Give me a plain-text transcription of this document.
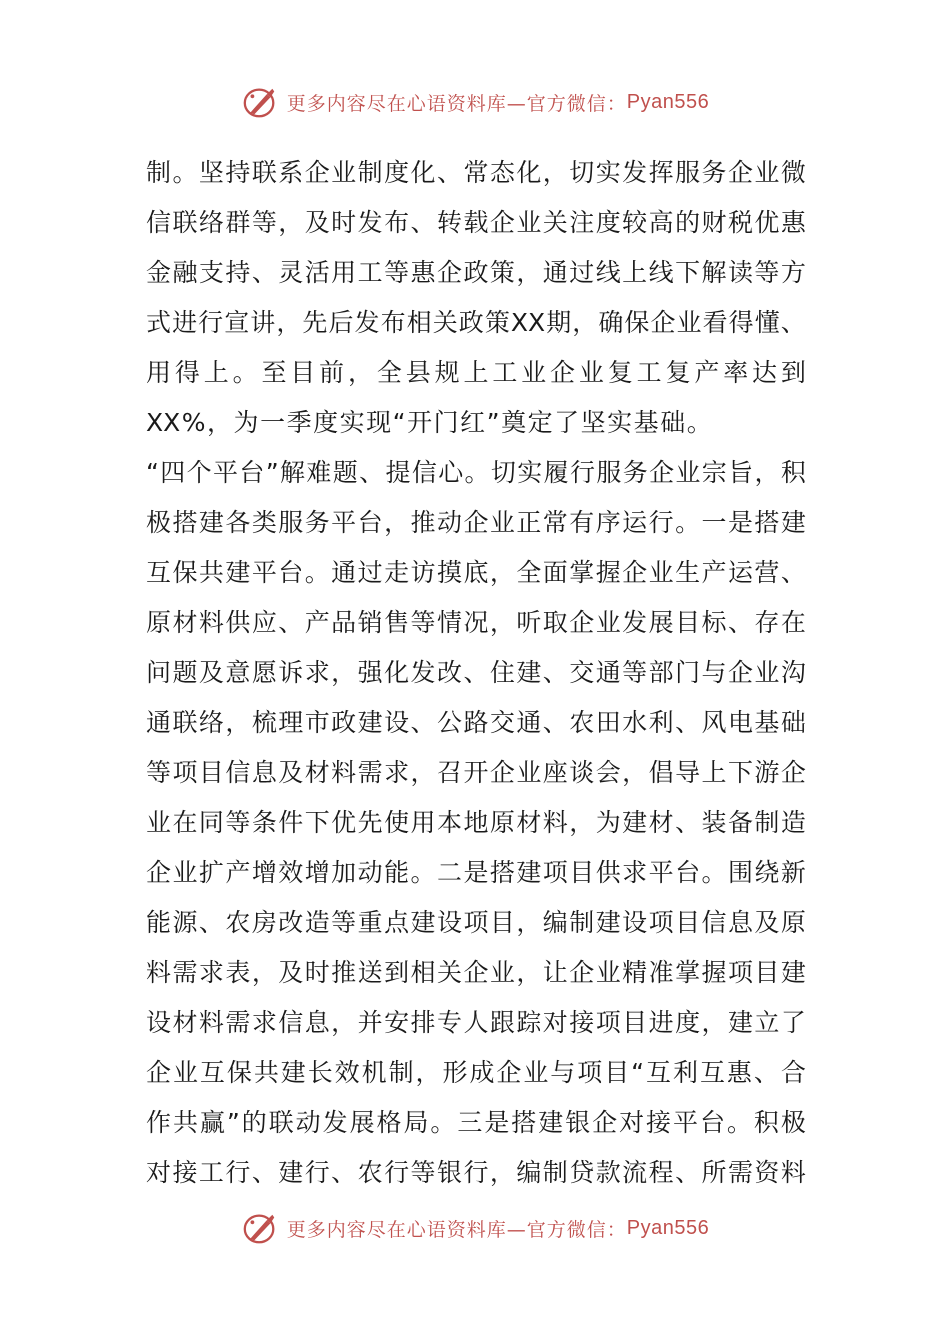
更多内容尽在心语资料库—官方微信： Pyan556
制 。 坚 持 联 系 企 业 制 度 化 、 常 态 化 ， 切 实 发 挥 服 务 企 业 微
信 联 络 群 等 ， 及 时 发 布 、 转 载 企 业 关 注 度 较 高 的 财 税 优 惠
金 融 支 持 、 灵 活 用 工 等 惠 企 政 策 ， 通 过 线 上 线 下 解 读 等 方
式 进 行 宣 讲 ， 先 后 发 布 相 关 政 策 XX 期 ， 确 保 企 业 看 得 懂 、
用 得 上 。 至 目 前 ， 全 县 规 上 工 业 企 业 复 工 复 产 率 达 到
XX % ， 为 一 季 度 实 现 “ 开 门 红 ” 奠 定 了 坚 实 基 础 。
“ 四 个 平 台 ” 解 难 题 、 提 信 心 。 切 实 履 行 服 务 企 业 宗 旨 ， 积
极 搭 建 各 类 服 务 平 台 ， 推 动 企 业 正 常 有 序 运 行 。 一 是 搭 建
互 保 共 建 平 台 。 通 过 走 访 摸 底 ， 全 面 掌 握 企 业 生 产 运 营 、
原 材 料 供 应 、 产 品 销 售 等 情 况 ， 听 取 企 业 发 展 目 标 、 存 在
问 题 及 意 愿 诉 求 ， 强 化 发 改 、 住 建 、 交 通 等 部 门 与 企 业 沟
通 联 络 ， 梳 理 市 政 建 设 、 公 路 交 通 、 农 田 水 利 、 风 电 基 础
等 项 目 信 息 及 材 料 需 求 ， 召 开 企 业 座 谈 会 ， 倡 导 上 下 游 企
业 在 同 等 条 件 下 优 先 使 用 本 地 原 材 料 ， 为 建 材 、 装 备 制 造
企 业 扩 产 增 效 增 加 动 能 。 二 是 搭 建 项 目 供 求 平 台 。 围 绕 新
能 源 、 农 房 改 造 等 重 点 建 设 项 目 ， 编 制 建 设 项 目 信 息 及 原
料 需 求 表 ， 及 时 推 送 到 相 关 企 业 ， 让 企 业 精 准 掌 握 项 目 建
设 材 料 需 求 信 息 ， 并 安 排 专 人 跟 踪 对 接 项 目 进 度 ， 建 立 了
企 业 互 保 共 建 长 效 机 制 ， 形 成 企 业 与 项 目 “ 互 利 互 惠 、 合
作 共 赢 ” 的 联 动 发 展 格 局 。 三 是 搭 建 银 企 对 接 平 台 。 积 极
对 接 工 行 、 建 行 、 农 行 等 银 行 ， 编 制 贷 款 流 程 、 所 需 资 料
更多内容尽在心语资料库—官方微信： Pyan556
